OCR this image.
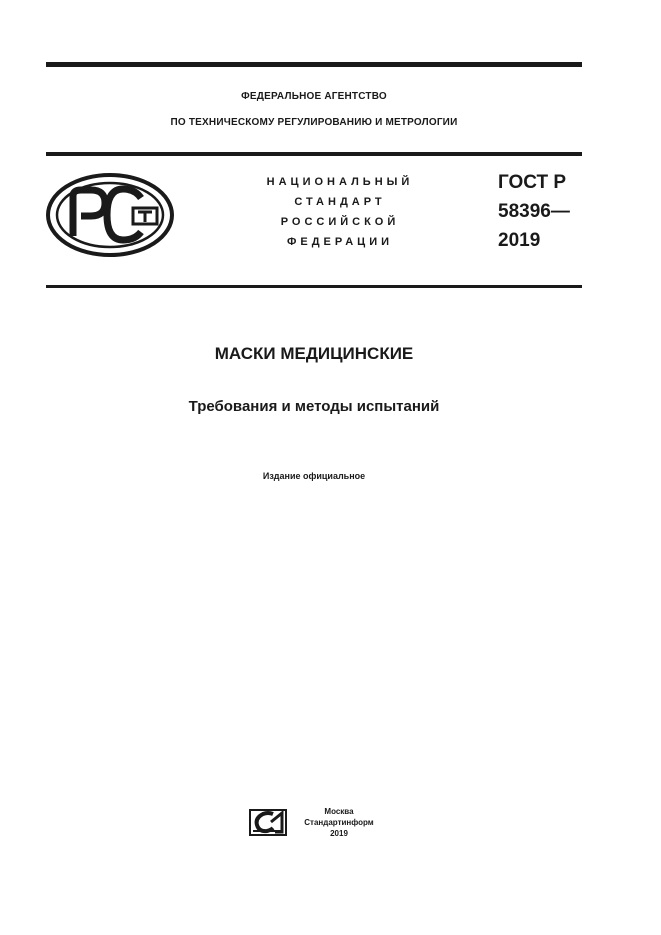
ФЕДЕРАЛЬНОЕ АГЕНТСТВО
ПО ТЕХНИЧЕСКОМУ РЕГУЛИРОВАНИЮ И МЕТРОЛОГИИ
НАЦИОНАЛЬНЫЙ
СТАНДАРТ
РОССИЙСКОЙ
ФЕДЕРАЦИИ
ГОСТ Р
58396—
2019
МАСКИ МЕДИЦИНСКИЕ
Требования и методы испытаний
Издание официальное
Москва
Стандартинформ
2019
